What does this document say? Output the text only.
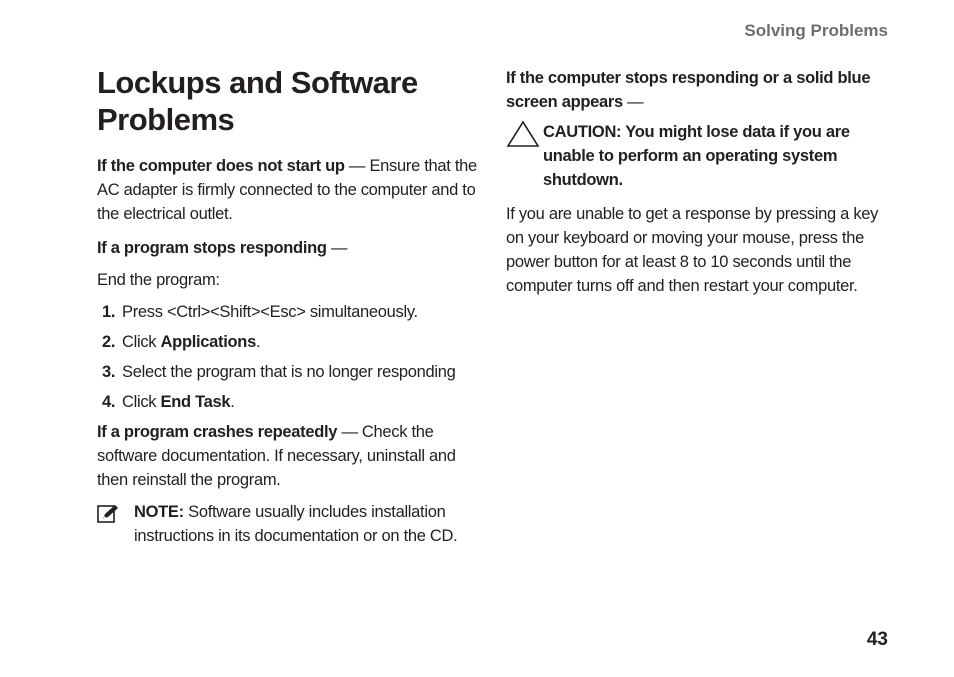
Solving Problems
Lockups and Software Problems

If the computer does not start up — Ensure that the AC adapter is firmly connected to the computer and to the electrical outlet.

If a program stops responding —

End the program:

1. Press <Ctrl><Shift><Esc> simultaneously.
2. Click Applications.
3. Select the program that is no longer responding
4. Click End Task.

If a program crashes repeatedly — Check the software documentation. If necessary, uninstall and then reinstall the program.

NOTE: Software usually includes installation instructions in its documentation or on the CD.

If the computer stops responding or a solid blue screen appears —

CAUTION: You might lose data if you are unable to perform an operating system shutdown.

If you are unable to get a response by pressing a key on your keyboard or moving your mouse, press the power button for at least 8 to 10 seconds until the computer turns off and then restart your computer.

43
